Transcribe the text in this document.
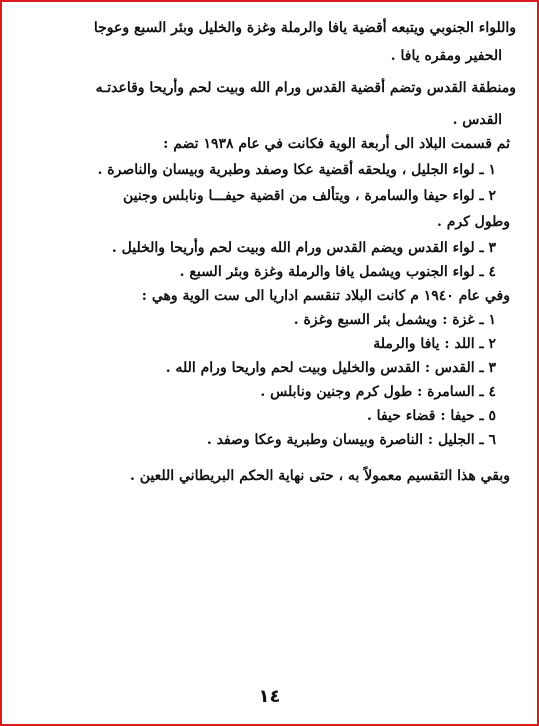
واللواء الجنوبي ويتبعه أقضية يافا والرملة وغزة والخليل وبئر السبع وعوجا
الحفير ومقره يافا .
ومنطقة القدس وتضم أقضية القدس ورام الله وبيت لحم وأريحا وقاعدتـه
القدس .
ثم قسمت البلاد الى أربعة الوية فكانت في عام ١٩٣٨ تضم :
١ ـ لواء الجليل ، ويلحقه أقضية عكا وصفد وطبرية وبيسان والناصرة .
٢ ـ لواء حيفا والسامرة ، ويتألف من اقضية حيفـــا ونابلس وجنين
وطول كرم .
٣ ـ لواء القدس ويضم القدس ورام الله وبيت لحم وأريحا والخليل .
٤ ـ لواء الجنوب ويشمل يافا والرملة وغزة وبئر السبع .
وفي عام ١٩٤٠ م كانت البلاد تنقسم اداريا الى ست الوية وهي :
١ ـ غزة : ويشمل بئر السبع وغزة .
٢ ـ اللد : يافا والرملة
٣ ـ القدس : القدس والخليل وبيت لحم واريحا ورام الله .
٤ ـ السامرة : طول كرم وجنين ونابلس .
٥ ـ حيفا : قضاء حيفا .
٦ ـ الجليل : الناصرة وبيسان وطبرية وعكا وصفد .
وبقي هذا التقسيم معمولاً به ، حتى نهاية الحكم البريطاني اللعين .
١٤
